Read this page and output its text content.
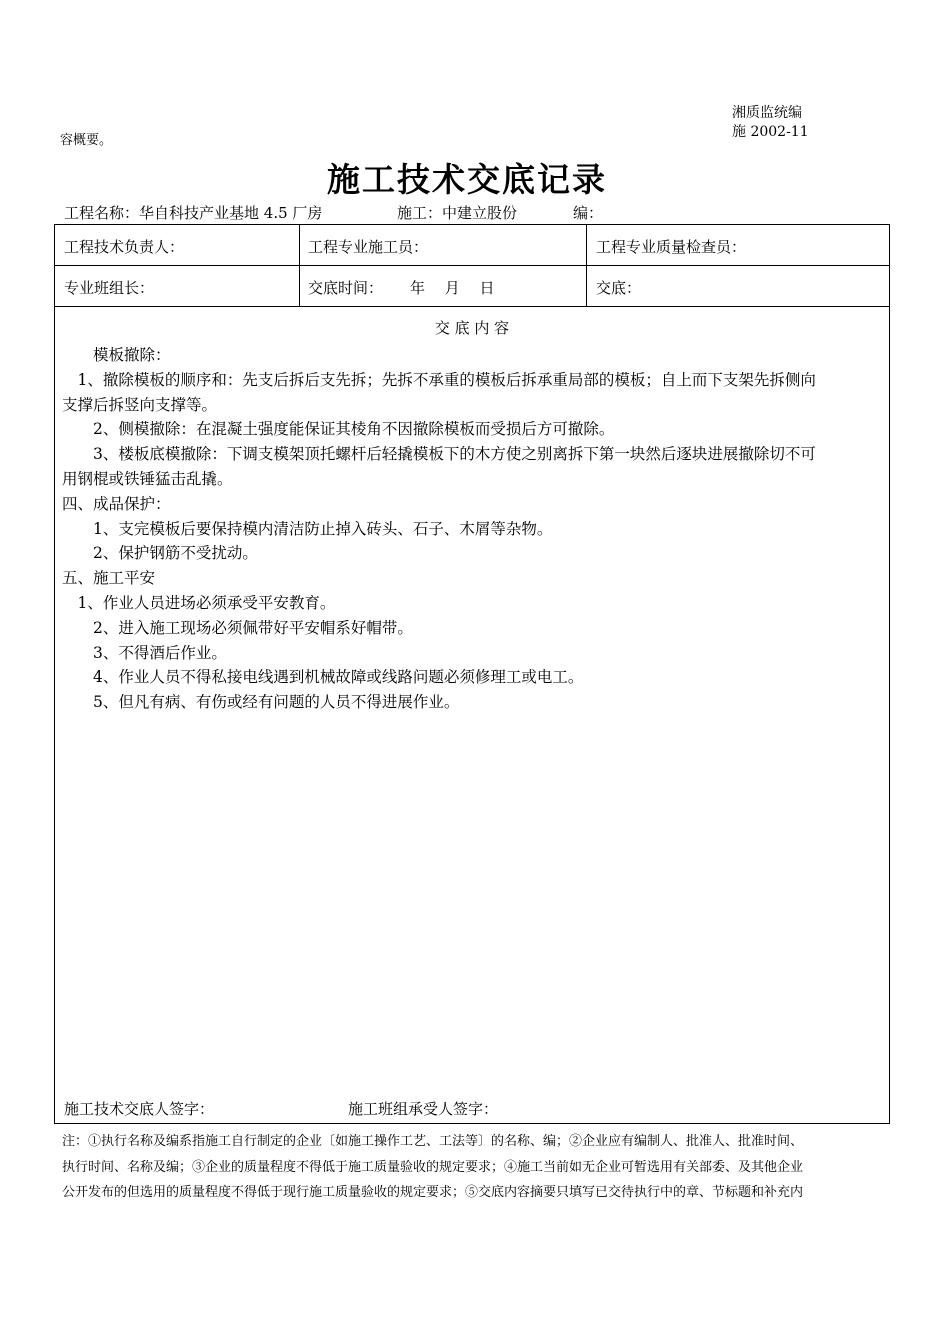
湘质监统编
施 2002-11
容概要。
施工技术交底记录
工程名称：华自科技产业基地 4.5 厂房	施工：中建立股份	编：
工程技术负责人：	工程专业施工员：	工程专业质量检查员：
专业班组长：	交底时间： 年　 月　 日	交底：
交 底 内 容

　　模板撤除：

　1、撤除模板的顺序和：先支后拆后支先拆；先拆不承重的模板后拆承重局部的模板；自上而下支架先拆侧向

支撑后拆竖向支撑等。

　　2、侧模撤除：在混凝土强度能保证其棱角不因撤除模板而受损后方可撤除。

　　3、楼板底模撤除：下调支模架顶托螺杆后轻撬模板下的木方使之别离拆下第一块然后逐块进展撤除切不可

用钢棍或铁锤猛击乱撬。

四、成品保护：

　　1、支完模板后要保持模内清洁防止掉入砖头、石子、木屑等杂物。

　　2、保护钢筋不受扰动。

五、施工平安

　1、作业人员进场必须承受平安教育。

　　2、进入施工现场必须佩带好平安帽系好帽带。

　　3、不得酒后作业。

　　4、作业人员不得私接电线遇到机械故障或线路问题必须修理工或电工。

　　5、但凡有病、有伤或经有问题的人员不得进展作业。

施工技术交底人签字：	施工班组承受人签字：

注：①执行名称及编系指施工自行制定的企业〔如施工操作工艺、工法等〕的名称、编；②企业应有编制人、批准人、批准时间、

执行时间、名称及编；③企业的质量程度不得低于施工质量验收的规定要求；④施工当前如无企业可暂选用有关部委、及其他企业

公开发布的但选用的质量程度不得低于现行施工质量验收的规定要求；⑤交底内容摘要只填写已交待执行中的章、节标题和补充内
